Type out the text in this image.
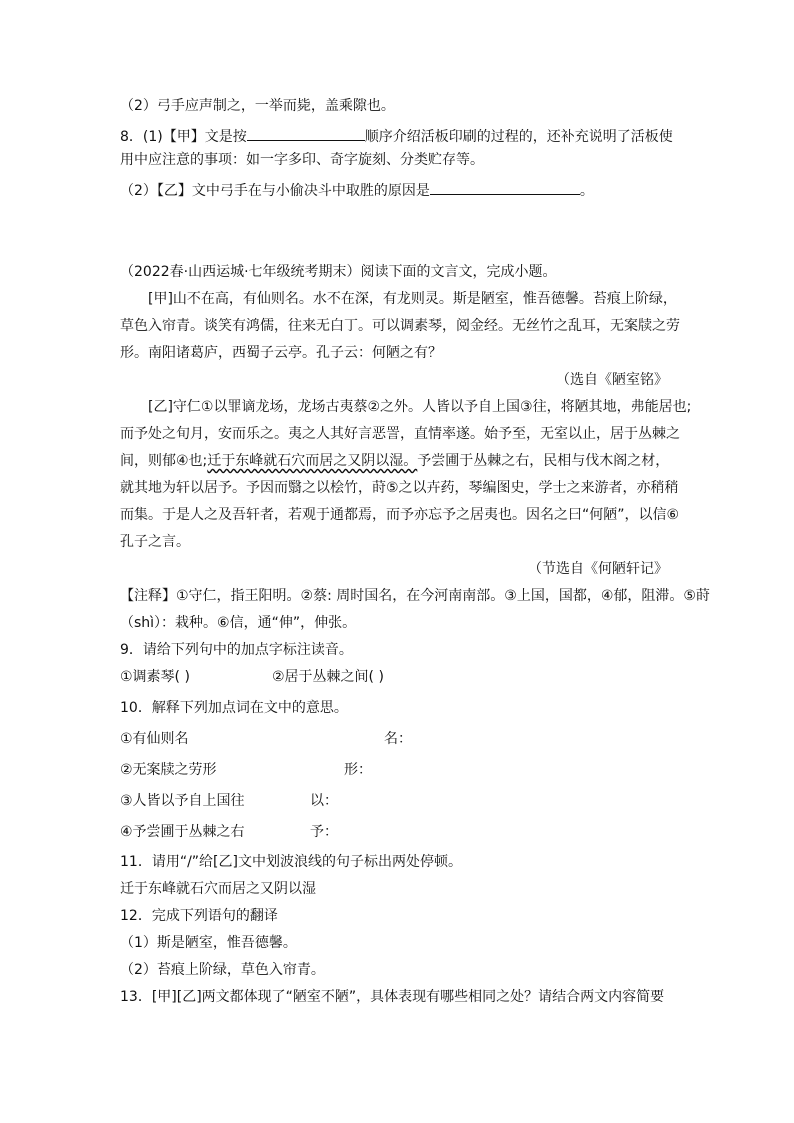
（2）弓手应声制之，一举而毙，盖乘隙也。
8．(1)【甲】文是按	顺序介绍活板印刷的过程的，还补充说明了活板使
用中应注意的事项：如一字多印、奇字旋刻、分类贮存等。
（2）【乙】文中弓手在与小偷决斗中取胜的原因是	。
（2022春·山西运城·七年级统考期末）阅读下面的文言文，完成小题。
[甲]山不在高，有仙则名。水不在深，有龙则灵。斯是陋室，惟吾德馨。苔痕上阶绿，
草色入帘青。谈笑有鸿儒，往来无白丁。可以调素琴，阅金经。无丝竹之乱耳，无案牍之劳
形。南阳诸葛庐，西蜀子云亭。孔子云：何陋之有？
（选自《陋室铭》
[乙]守仁①以罪谪龙场，龙场古夷蔡②之外。人皆以予自上国③往，将陋其地，弗能居也;
而予处之旬月，安而乐之。夷之人其好言恶詈，直情率遂。始予至，无室以止，居于丛棘之
间，则郁④也;迁于东峰就石穴而居之又阴以湿。予尝圃于丛棘之右，民相与伐木阁之材，
就其地为轩以居予。予因而翳之以桧竹，莳⑤之以卉药，琴编图史，学士之来游者，亦稍稍
而集。于是人之及吾轩者，若观于通都焉，而予亦忘予之居夷也。因名之曰“何陋”，以信⑥
孔子之言。
（节选自《何陋轩记》
【注释】①守仁，指王阳明。②蔡: 周时国名，在今河南南部。③上国，国都，④郁，阻滞。⑤莳
（shì）：栽种。⑥信，通“伸”，伸张。
9．请给下列句中的加点字标注读音。
①调素琴( )	②居于丛棘之间( )
10．解释下列加点词在文中的意思。
①有仙则名	名：
②无案牍之劳形	形：
③人皆以予自上国往	以：
④予尝圃于丛棘之右	予：
11．请用“/”给[乙]文中划波浪线的句子标出两处停顿。
迁于东峰就石穴而居之又阴以湿
12．完成下列语句的翻译
（1）斯是陋室，惟吾德馨。
（2）苔痕上阶绿，草色入帘青。
13．[甲][乙]两文都体现了“陋室不陋”，具体表现有哪些相同之处？请结合两文内容简要
